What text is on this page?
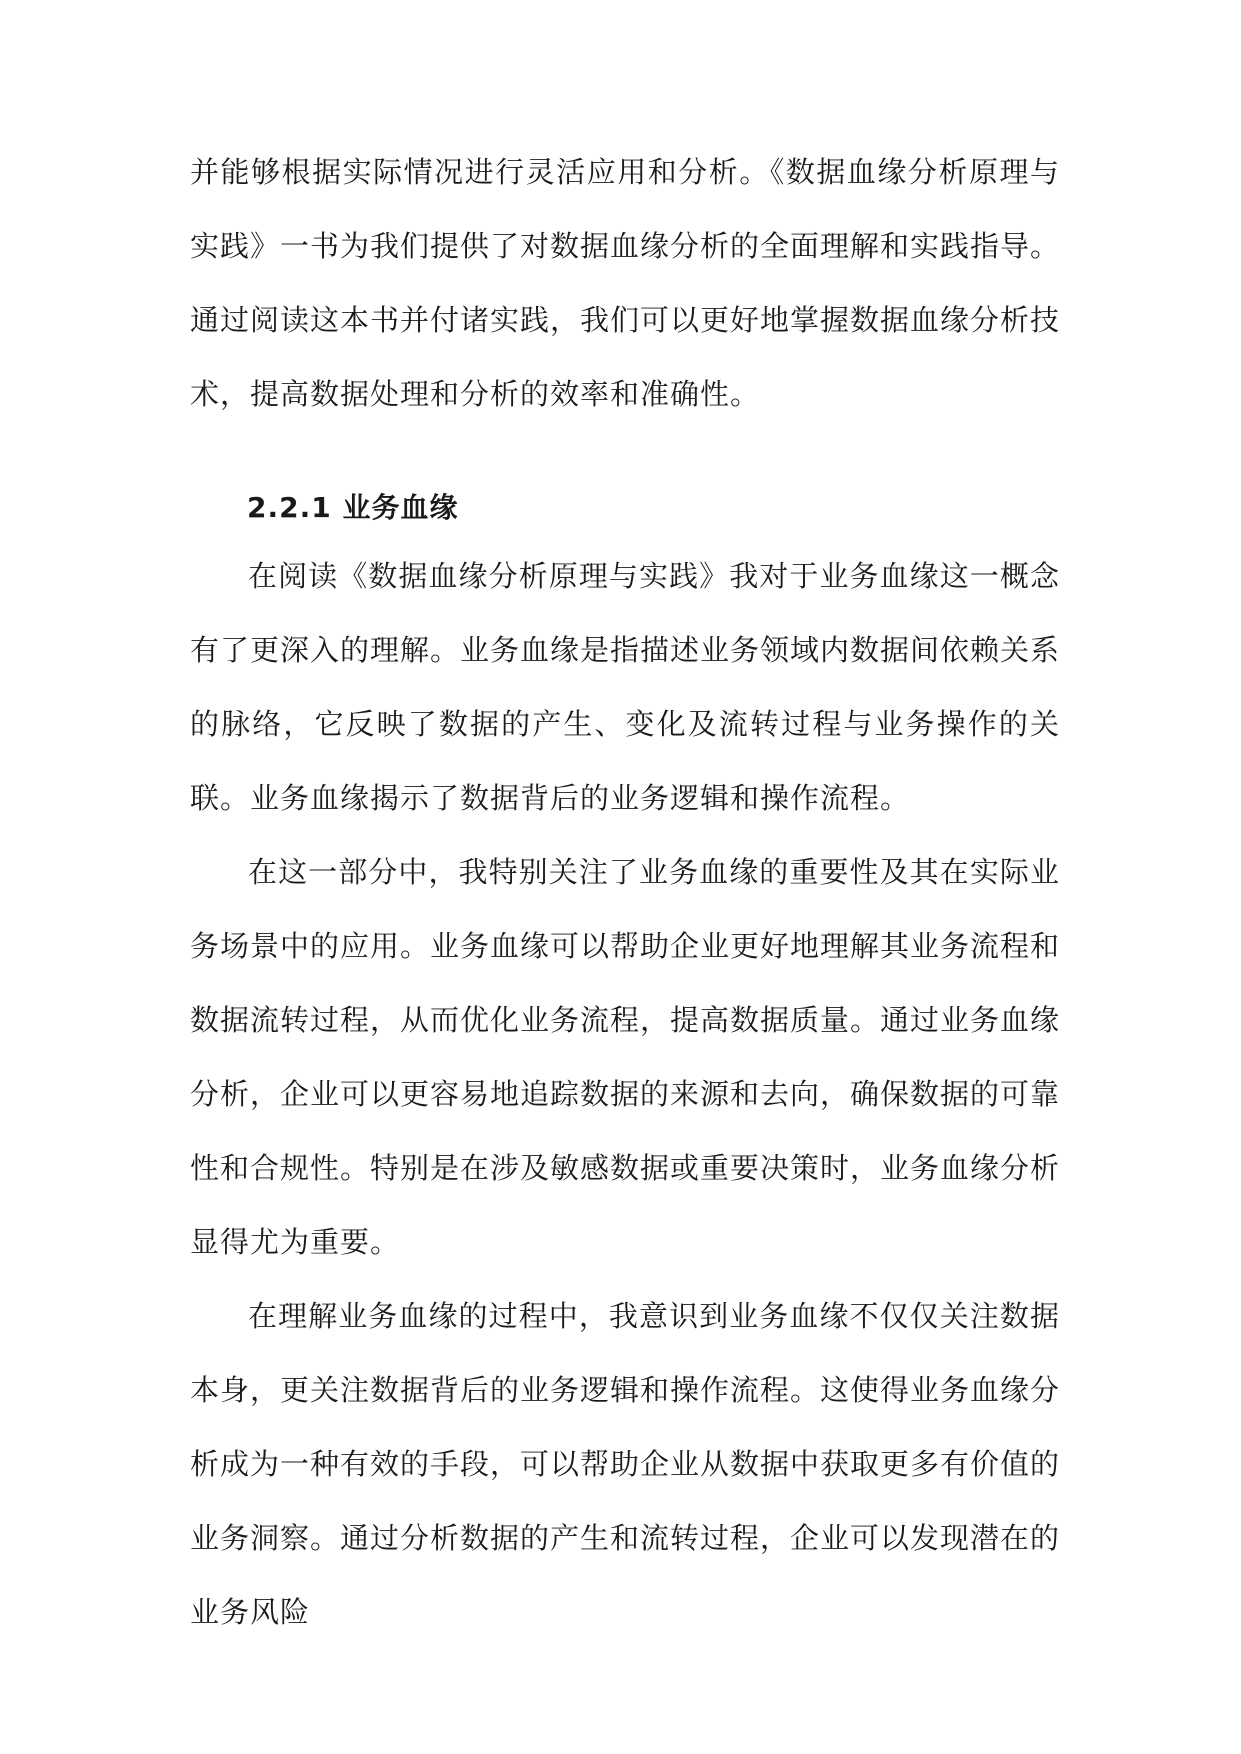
并能够根据实际情况进行灵活应用和分析。《数据血缘分析原理与实践》一书为我们提供了对数据血缘分析的全面理解和实践指导。通过阅读这本书并付诸实践，我们可以更好地掌握数据血缘分析技术，提高数据处理和分析的效率和准确性。

2.2.1 业务血缘

在阅读《数据血缘分析原理与实践》我对于业务血缘这一概念有了更深入的理解。业务血缘是指描述业务领域内数据间依赖关系的脉络，它反映了数据的产生、变化及流转过程与业务操作的关联。业务血缘揭示了数据背后的业务逻辑和操作流程。

在这一部分中，我特别关注了业务血缘的重要性及其在实际业务场景中的应用。业务血缘可以帮助企业更好地理解其业务流程和数据流转过程，从而优化业务流程，提高数据质量。通过业务血缘分析，企业可以更容易地追踪数据的来源和去向，确保数据的可靠性和合规性。特别是在涉及敏感数据或重要决策时，业务血缘分析显得尤为重要。

在理解业务血缘的过程中，我意识到业务血缘不仅仅关注数据本身，更关注数据背后的业务逻辑和操作流程。这使得业务血缘分析成为一种有效的手段，可以帮助企业从数据中获取更多有价值的业务洞察。通过分析数据的产生和流转过程，企业可以发现潜在的业务风险
